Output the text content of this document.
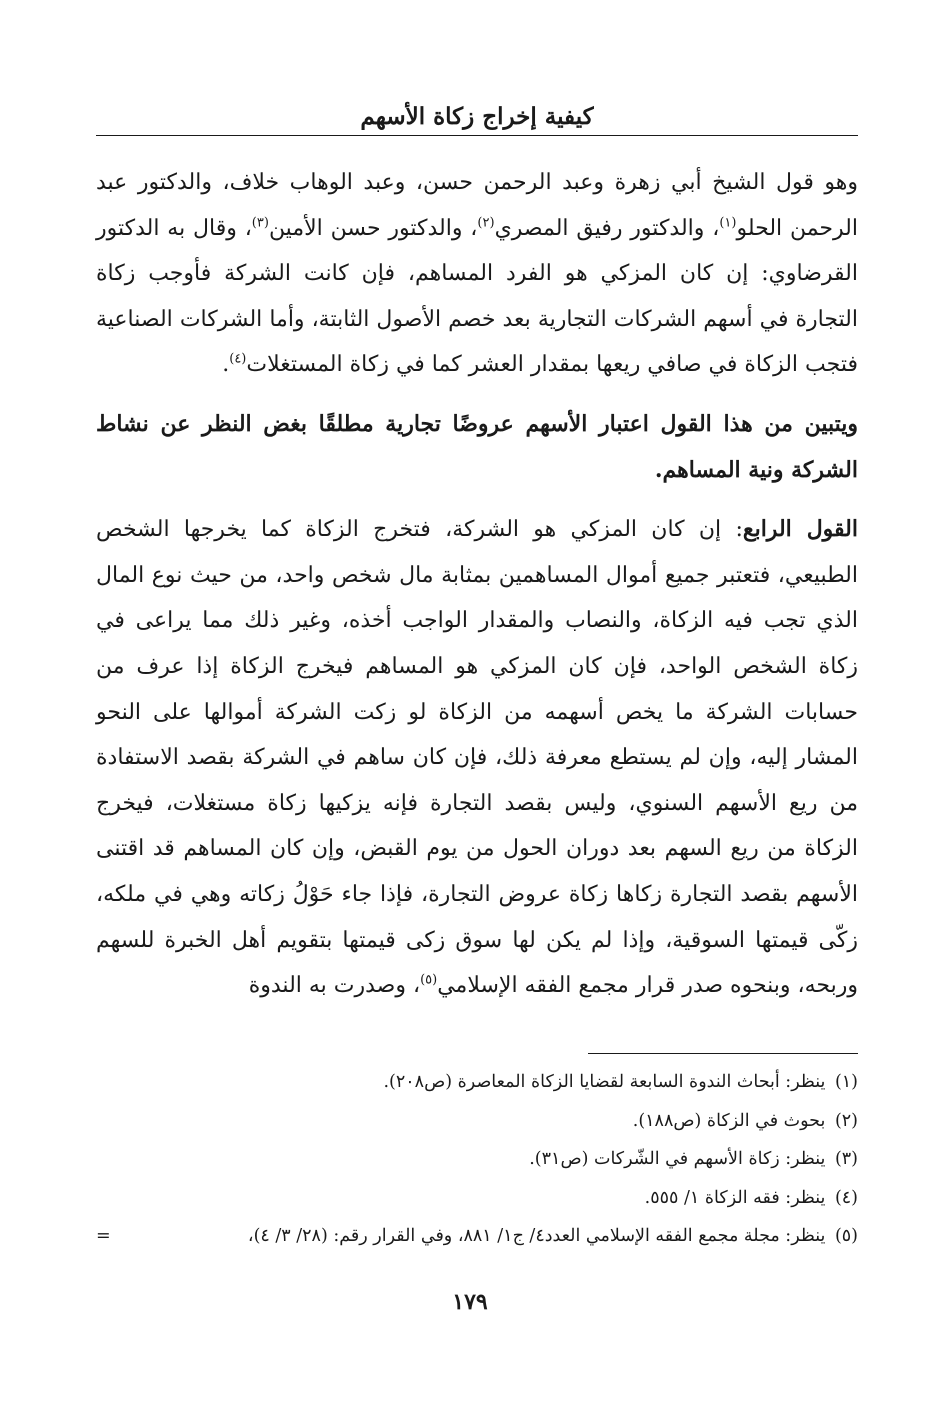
كيفية إخراج زكاة الأسهم

وهو قول الشيخ أبي زهرة وعبد الرحمن حسن، وعبد الوهاب خلاف، والدكتور عبد الرحمن الحلو$^{(١)}$، والدكتور رفيق المصري$^{(٢)}$، والدكتور حسن الأمين$^{(٣)}$، وقال به الدكتور القرضاوي: إن كان المزكي هو الفرد المساهم، فإن كانت الشركة فأوجب زكاة التجارة في أسهم الشركات التجارية بعد خصم الأصول الثابتة، وأما الشركات الصناعية فتجب الزكاة في صافي ريعها بمقدار العشر كما في زكاة المستغلات$^{(٤)}$.

ويتبين من هذا القول اعتبار الأسهم عروضًا تجارية مطلقًا بغض النظر عن نشاط الشركة ونية المساهم.

القول الرابع: إن كان المزكي هو الشركة، فتخرج الزكاة كما يخرجها الشخص الطبيعي، فتعتبر جميع أموال المساهمين بمثابة مال شخص واحد، من حيث نوع المال الذي تجب فيه الزكاة، والنصاب والمقدار الواجب أخذه، وغير ذلك مما يراعى في زكاة الشخص الواحد، فإن كان المزكي هو المساهم فيخرج الزكاة إذا عرف من حسابات الشركة ما يخص أسهمه من الزكاة لو زكت الشركة أموالها على النحو المشار إليه، وإن لم يستطع معرفة ذلك، فإن كان ساهم في الشركة بقصد الاستفادة من ريع الأسهم السنوي، وليس بقصد التجارة فإنه يزكيها زكاة مستغلات، فيخرج الزكاة من ريع السهم بعد دوران الحول من يوم القبض، وإن كان المساهم قد اقتنى الأسهم بقصد التجارة زكاها زكاة عروض التجارة، فإذا جاء حَوْلُ زكاته وهي في ملكه، زكّى قيمتها السوقية، وإذا لم يكن لها سوق زكى قيمتها بتقويم أهل الخبرة للسهم وربحه، وبنحوه صدر قرار مجمع الفقه الإسلامي$^{(٥)}$، وصدرت به الندوة

(١) ينظر: أبحاث الندوة السابعة لقضايا الزكاة المعاصرة (ص٢٠٨).
(٢) بحوث في الزكاة (ص١٨٨).
(٣) ينظر: زكاة الأسهم في الشّركات (ص٣١).
(٤) ينظر: فقه الزكاة ١/ ٥٥٥.
(٥) ينظر: مجلة مجمع الفقه الإسلامي العدد٤/ ج١/ ٨٨١، وفي القرار رقم: (٢٨/ ٣/ ٤)،
=
١٧٩
